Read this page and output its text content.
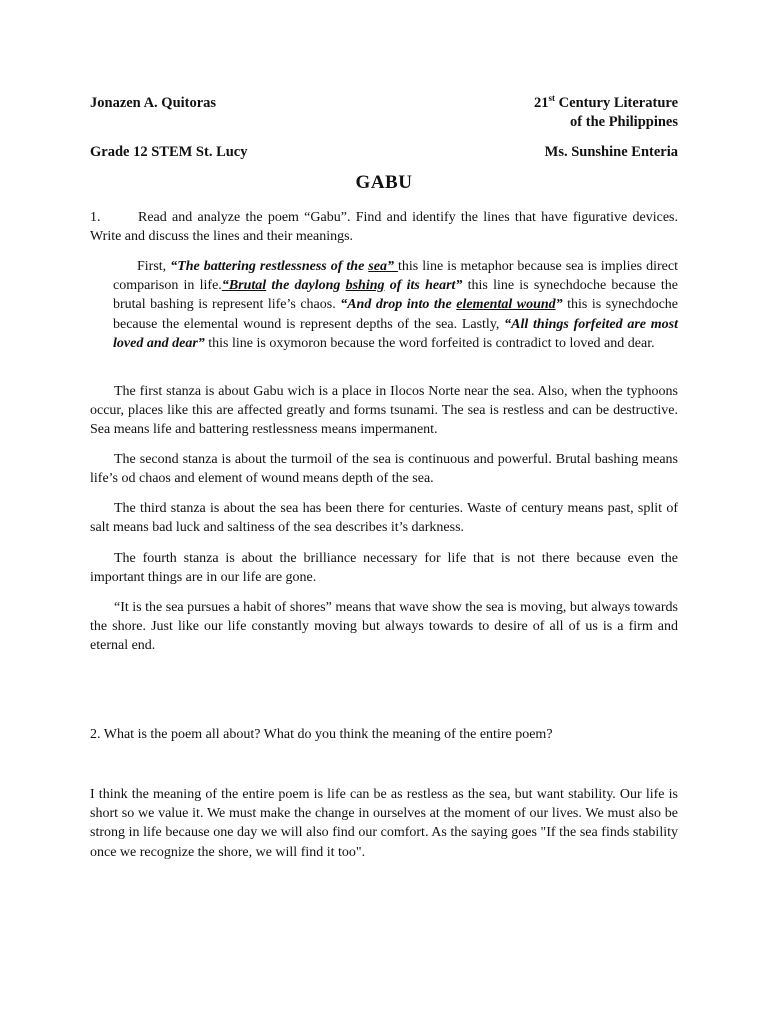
Jonazen A. Quitoras	21st Century Literature
of the Philippines
Grade 12 STEM St. Lucy	Ms. Sunshine Enteria
GABU
1.	Read and analyze the poem “Gabu”. Find and identify the lines that have figurative devices. Write and discuss the lines and their meanings.
First, “The battering restlessness of the sea” this line is metaphor because sea is implies direct comparison in life.“Brutal the daylong bshing of its heart” this line is synechdoche because the brutal bashing is represent life’s chaos. “And drop into the elemental wound” this is synechdoche because the elemental wound is represent depths of the sea. Lastly, “All things forfeited are most loved and dear” this line is oxymoron because the word forfeited is contradict to loved and dear.
The first stanza is about Gabu wich is a place in Ilocos Norte near the sea. Also, when the typhoons occur, places like this are affected greatly and forms tsunami. The sea is restless and can be destructive. Sea means life and battering restlessness means impermanent.
The second stanza is about the turmoil of the sea is continuous and powerful. Brutal bashing means life’s od chaos and element of wound means depth of the sea.
The third stanza is about the sea has been there for centuries. Waste of century means past, split of salt means bad luck and saltiness of the sea describes it’s darkness.
The fourth stanza is about the brilliance necessary for life that is not there because even the important things are in our life are gone.
“It is the sea pursues a habit of shores” means that wave show the sea is moving, but always towards the shore. Just like our life constantly moving but always towards to desire of all of us is a firm and eternal end.
2. What is the poem all about? What do you think the meaning of the entire poem?
I think the meaning of the entire poem is life can be as restless as the sea, but want stability. Our life is short so we value it. We must make the change in ourselves at the moment of our lives. We must also be strong in life because one day we will also find our comfort. As the saying goes "If the sea finds stability once we recognize the shore, we will find it too".
